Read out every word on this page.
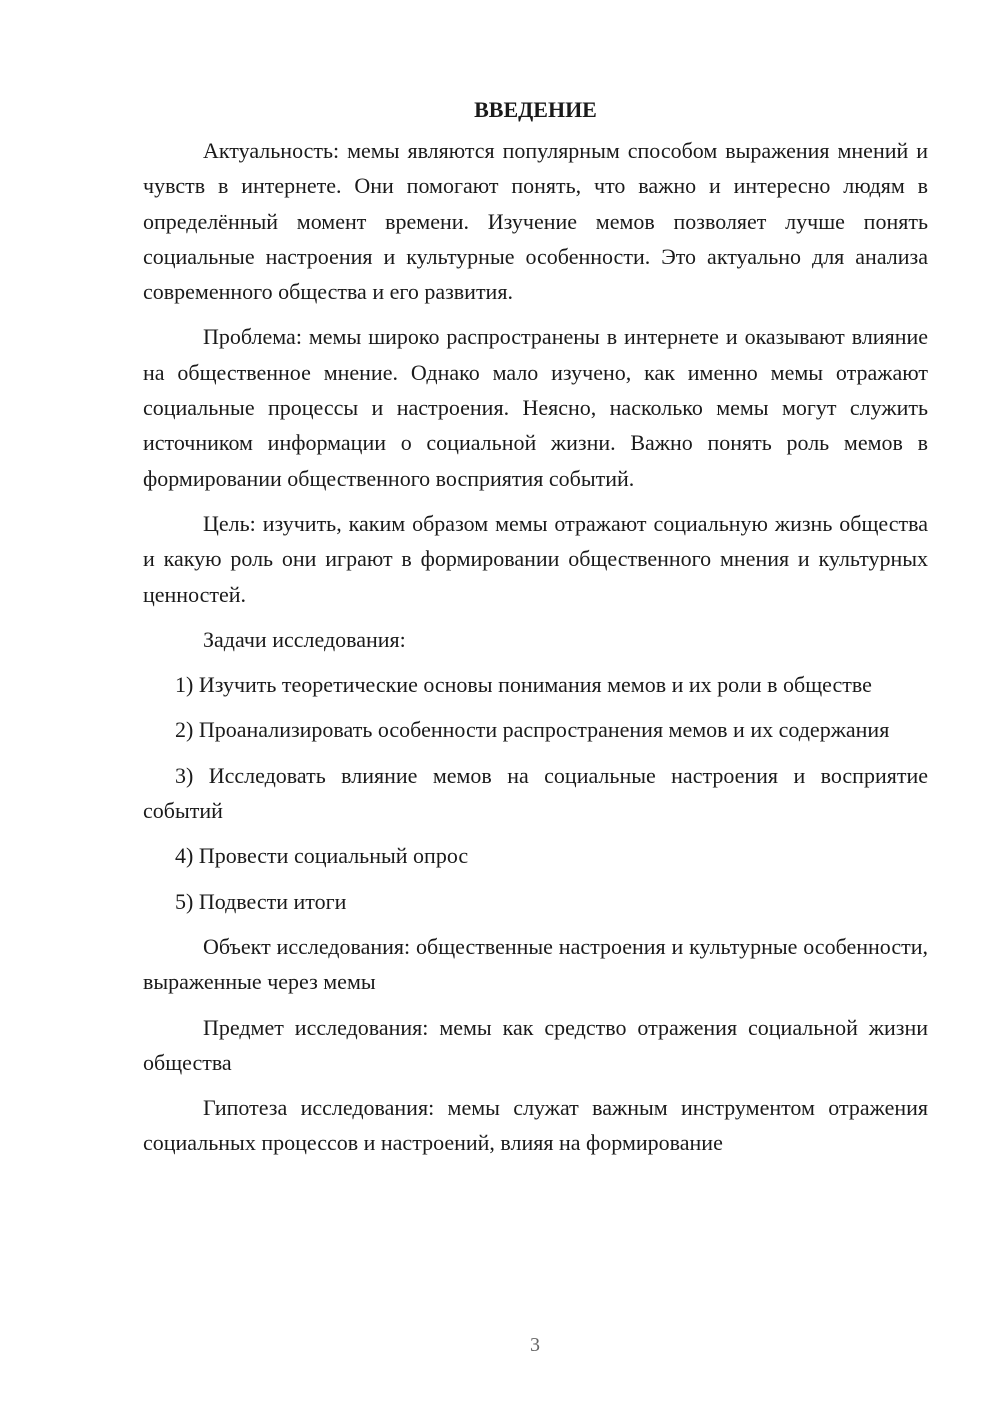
ВВЕДЕНИЕ

Актуальность: мемы являются популярным способом выражения мнений и чувств в интернете. Они помогают понять, что важно и интересно людям в определённый момент времени. Изучение мемов позволяет лучше понять социальные настроения и культурные особенности. Это актуально для анализа современного общества и его развития.

Проблема: мемы широко распространены в интернете и оказывают влияние на общественное мнение. Однако мало изучено, как именно мемы отражают социальные процессы и настроения. Неясно, насколько мемы могут служить источником информации о социальной жизни. Важно понять роль мемов в формировании общественного восприятия событий.

Цель: изучить, каким образом мемы отражают социальную жизнь общества и какую роль они играют в формировании общественного мнения и культурных ценностей.

Задачи исследования:

1) Изучить теоретические основы понимания мемов и их роли в обществе

2) Проанализировать особенности распространения мемов и их содержания

3) Исследовать влияние мемов на социальные настроения и восприятие событий

4) Провести социальный опрос

5) Подвести итоги

Объект исследования: общественные настроения и культурные особенности, выраженные через мемы

Предмет исследования: мемы как средство отражения социальной жизни общества

Гипотеза исследования: мемы служат важным инструментом отражения социальных процессов и настроений, влияя на формирование

3
